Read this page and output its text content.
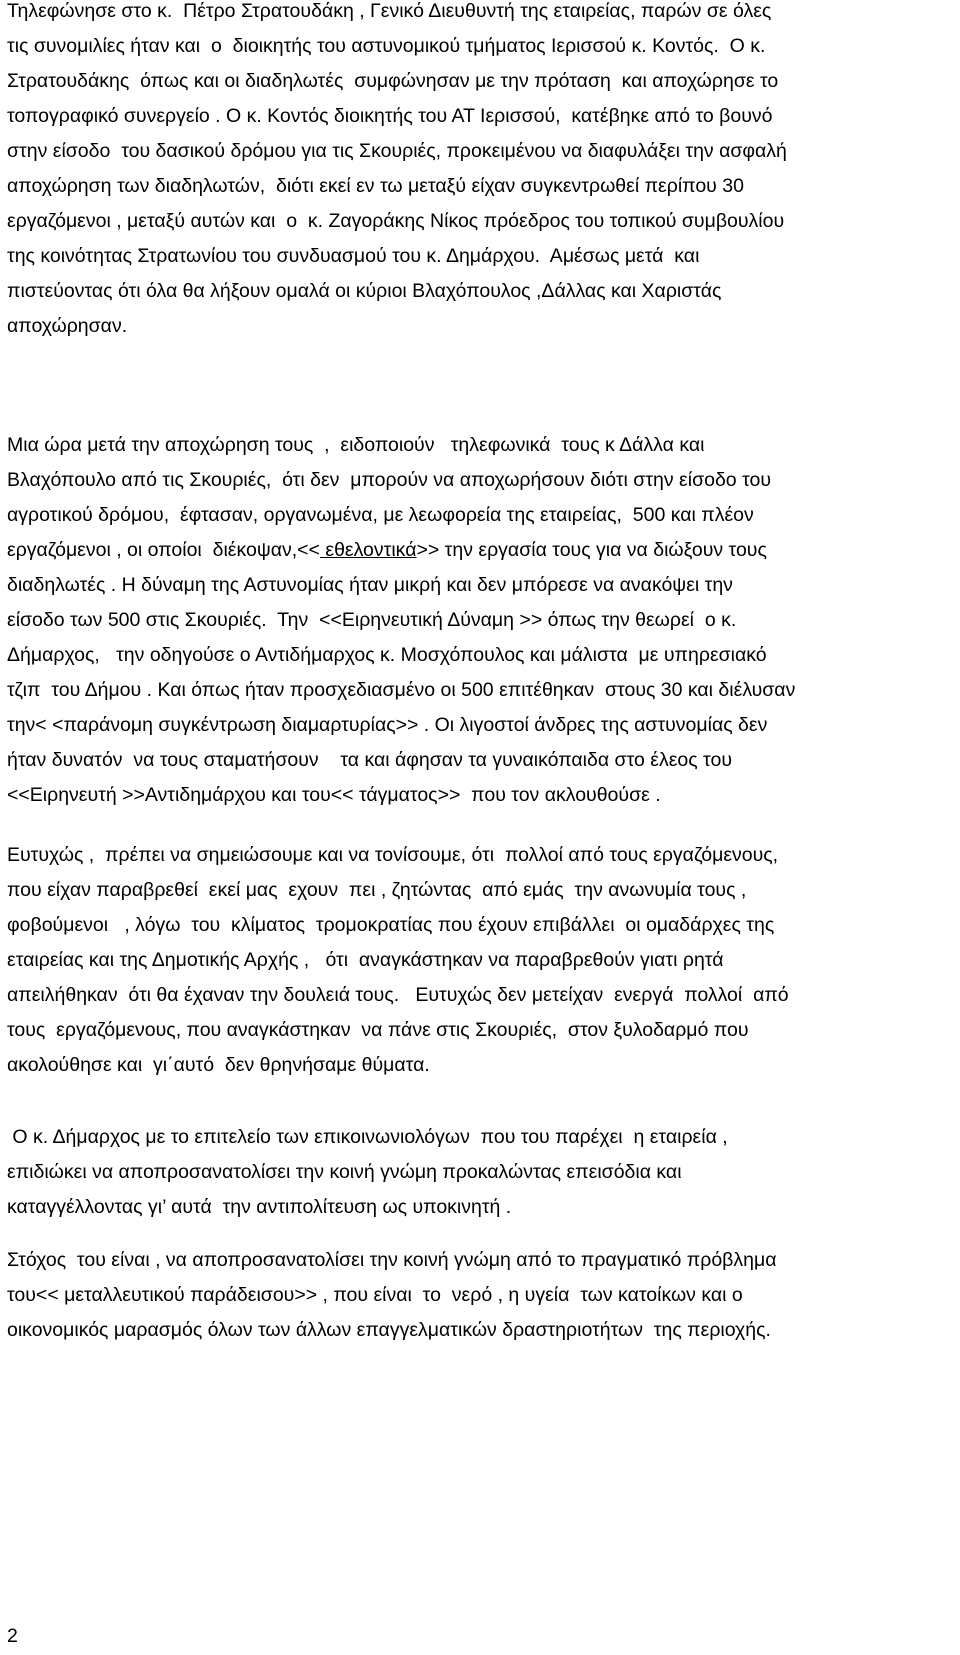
Τηλεφώνησε στο κ.  Πέτρο Στρατουδάκη , Γενικό Διευθυντή της εταιρείας, παρών σε όλες
τις συνομιλίες ήταν και  ο  διοικητής του αστυνομικού τμήματος Ιερισσού κ. Κοντός.  Ο κ.
Στρατουδάκης  όπως και οι διαδηλωτές  συμφώνησαν με την πρόταση  και αποχώρησε το
τοπογραφικό συνεργείο . Ο κ. Κοντός διοικητής του ΑΤ Ιερισσού,  κατέβηκε από το βουνό
στην είσοδο  του δασικού δρόμου για τις Σκουριές, προκειμένου να διαφυλάξει την ασφαλή
αποχώρηση των διαδηλωτών,  διότι εκεί εν τω μεταξύ είχαν συγκεντρωθεί περίπου 30
εργαζόμενοι , μεταξύ αυτών και  ο  κ. Ζαγοράκης Νίκος πρόεδρος του τοπικού συμβουλίου
της κοινότητας Στρατωνίου του συνδυασμού του κ. Δημάρχου.  Αμέσως μετά  και
πιστεύοντας ότι όλα θα λήξουν ομαλά οι κύριοι Βλαχόπουλος ,Δάλλας και Χαριστάς
αποχώρησαν.

Μια ώρα μετά την αποχώρηση τους  ,  ειδοποιούν   τηλεφωνικά  τους κ Δάλλα και
Βλαχόπουλο από τις Σκουριές,  ότι δεν  μπορούν να αποχωρήσουν διότι στην είσοδο του
αγροτικού δρόμου,  έφτασαν, οργανωμένα, με λεωφορεία της εταιρείας,  500 και πλέον
εργαζόμενοι , οι οποίοι  διέκοψαν,<< εθελοντικά>> την εργασία τους για να διώξουν τους
διαδηλωτές . Η δύναμη της Αστυνομίας ήταν μικρή και δεν μπόρεσε να ανακόψει την
είσοδο των 500 στις Σκουριές.  Την  <<Ειρηνευτική Δύναμη >> όπως την θεωρεί  ο κ.
Δήμαρχος,   την οδηγούσε ο Αντιδήμαρχος κ. Μοσχόπουλος και μάλιστα  με υπηρεσιακό
τζιπ  του Δήμου . Και όπως ήταν προσχεδιασμένο οι 500 επιτέθηκαν  στους 30 και διέλυσαν
την< <παράνομη συγκέντρωση διαμαρτυρίας>> . Οι λιγοστοί άνδρες της αστυνομίας δεν
ήταν δυνατόν  να τους σταματήσουν    τα και άφησαν τα γυναικόπαιδα στο έλεος του
<<Ειρηνευτή >>Αντιδημάρχου και του<< τάγματος>>  που τον ακλουθούσε .

Ευτυχώς ,  πρέπει να σημειώσουμε και να τονίσουμε, ότι  πολλοί από τους εργαζόμενους,
που είχαν παραβρεθεί  εκεί μας  εχουν  πει , ζητώντας  από εμάς  την ανωνυμία τους ,
φοβούμενοι   , λόγω  του  κλίματος  τρομοκρατίας που έχουν επιβάλλει  οι ομαδάρχες της
εταιρείας και της Δημοτικής Αρχής ,   ότι  αναγκάστηκαν να παραβρεθούν γιατι ρητά
απειλήθηκαν  ότι θα έχαναν την δουλειά τους.   Ευτυχώς δεν μετείχαν  ενεργά  πολλοί  από
τους  εργαζόμενους, που αναγκάστηκαν  να πάνε στις Σκουριές,  στον ξυλοδαρμό που
ακολούθησε και  γι΄αυτό  δεν θρηνήσαμε θύματα.

Ο κ. Δήμαρχος με το επιτελείο των επικοινωνιολόγων  που του παρέχει  η εταιρεία ,
επιδιώκει να αποπροσανατολίσει την κοινή γνώμη προκαλώντας επεισόδια και
καταγγέλλοντας γι’ αυτά  την αντιπολίτευση ως υποκινητή .

Στόχος  του είναι , να αποπροσανατολίσει την κοινή γνώμη από το πραγματικό πρόβλημα
του<< μεταλλευτικού παράδεισου>> , που είναι  το  νερό , η υγεία  των κατοίκων και ο
οικονομικός μαρασμός όλων των άλλων επαγγελματικών δραστηριοτήτων  της περιοχής.

2
